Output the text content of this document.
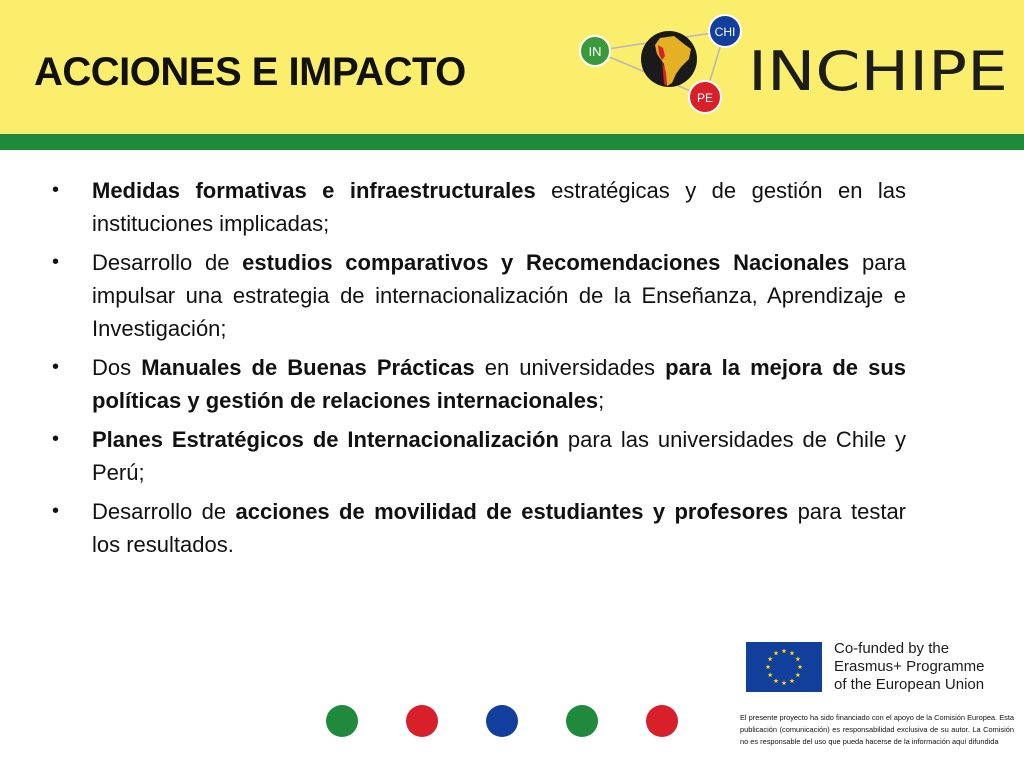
ACCIONES E IMPACTO	IN
CHI
PE INCHIPE
• Medidas formativas e infraestructurales estratégicas y de gestión en las instituciones implicadas;
• Desarrollo de estudios comparativos y Recomendaciones Nacionales para impulsar una estrategia de internacionalización de la Enseñanza, Aprendizaje e Investigación;
• Dos Manuales de Buenas Prácticas en universidades para la mejora de sus políticas y gestión de relaciones internacionales;
• Planes Estratégicos de Internacionalización para las universidades de Chile y Perú;
• Desarrollo de acciones de movilidad de estudiantes y profesores para testar los resultados.
Co-funded by the
Erasmus+ Programme
of the European Union
El presente proyecto ha sido financiado con el apoyo de la Comisión Europea. Esta publicación (comunicación) es responsabilidad exclusiva de su autor. La Comisión no es responsable del uso que pueda hacerse de la información aquí difundida
